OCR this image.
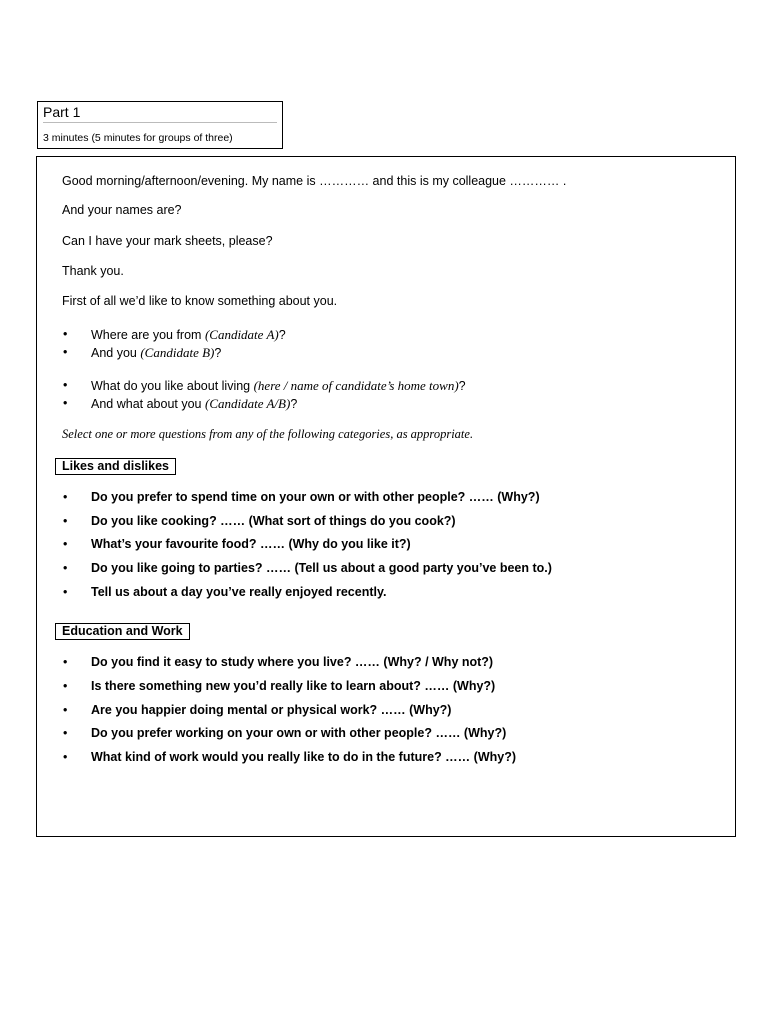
Part 1
3 minutes (5 minutes for groups of three)
Good morning/afternoon/evening. My name is ………… and this is my colleague ………… .
And your names are?
Can I have your mark sheets, please?
Thank you.
First of all we’d like to know something about you.
• Where are you from (Candidate A)?
• And you (Candidate B)?
• What do you like about living (here / name of candidate’s home town)?
• And what about you (Candidate A/B)?
Select one or more questions from any of the following categories, as appropriate.
Likes and dislikes
• Do you prefer to spend time on your own or with other people? …… (Why?)
• Do you like cooking? …… (What sort of things do you cook?)
• What’s your favourite food? …… (Why do you like it?)
• Do you like going to parties? …… (Tell us about a good party you’ve been to.)
• Tell us about a day you’ve really enjoyed recently.
Education and Work
• Do you find it easy to study where you live? …… (Why? / Why not?)
• Is there something new you’d really like to learn about? …… (Why?)
• Are you happier doing mental or physical work? …… (Why?)
• Do you prefer working on your own or with other people? …… (Why?)
• What kind of work would you really like to do in the future? …… (Why?)
